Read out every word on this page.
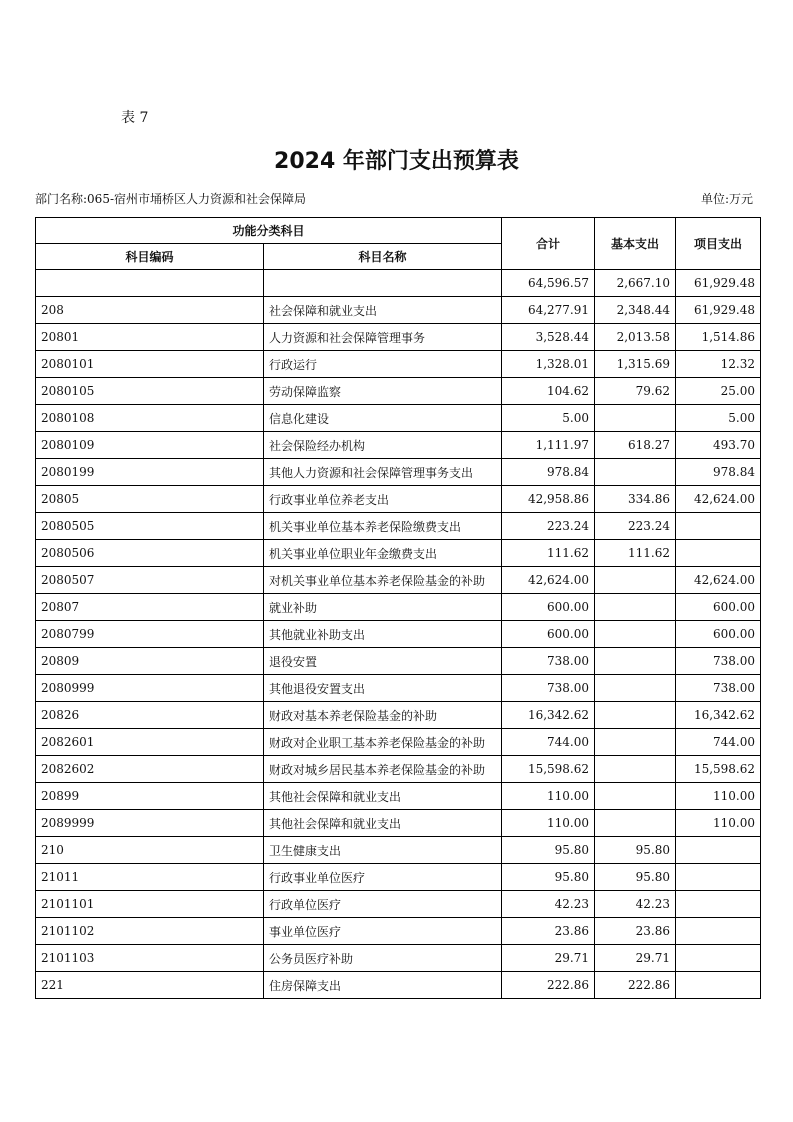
表 7
2024 年部门支出预算表
部门名称:065-宿州市埇桥区人力资源和社会保障局	单位:万元
功能分类科目		合计	基本支出	项目支出
科目编码	科目名称			
		64,596.57	2,667.10	61,929.48
208	社会保障和就业支出	64,277.91	2,348.44	61,929.48
20801	人力资源和社会保障管理事务	3,528.44	2,013.58	1,514.86
2080101	行政运行	1,328.01	1,315.69	12.32
2080105	劳动保障监察	104.62	79.62	25.00
2080108	信息化建设	5.00		5.00
2080109	社会保险经办机构	1,111.97	618.27	493.70
2080199	其他人力资源和社会保障管理事务支出	978.84		978.84
20805	行政事业单位养老支出	42,958.86	334.86	42,624.00
2080505	机关事业单位基本养老保险缴费支出	223.24	223.24	
2080506	机关事业单位职业年金缴费支出	111.62	111.62	
2080507	对机关事业单位基本养老保险基金的补助	42,624.00		42,624.00
20807	就业补助	600.00		600.00
2080799	其他就业补助支出	600.00		600.00
20809	退役安置	738.00		738.00
2080999	其他退役安置支出	738.00		738.00
20826	财政对基本养老保险基金的补助	16,342.62		16,342.62
2082601	财政对企业职工基本养老保险基金的补助	744.00		744.00
2082602	财政对城乡居民基本养老保险基金的补助	15,598.62		15,598.62
20899	其他社会保障和就业支出	110.00		110.00
2089999	其他社会保障和就业支出	110.00		110.00
210	卫生健康支出	95.80	95.80	
21011	行政事业单位医疗	95.80	95.80	
2101101	行政单位医疗	42.23	42.23	
2101102	事业单位医疗	23.86	23.86	
2101103	公务员医疗补助	29.71	29.71	
221	住房保障支出	222.86	222.86	
